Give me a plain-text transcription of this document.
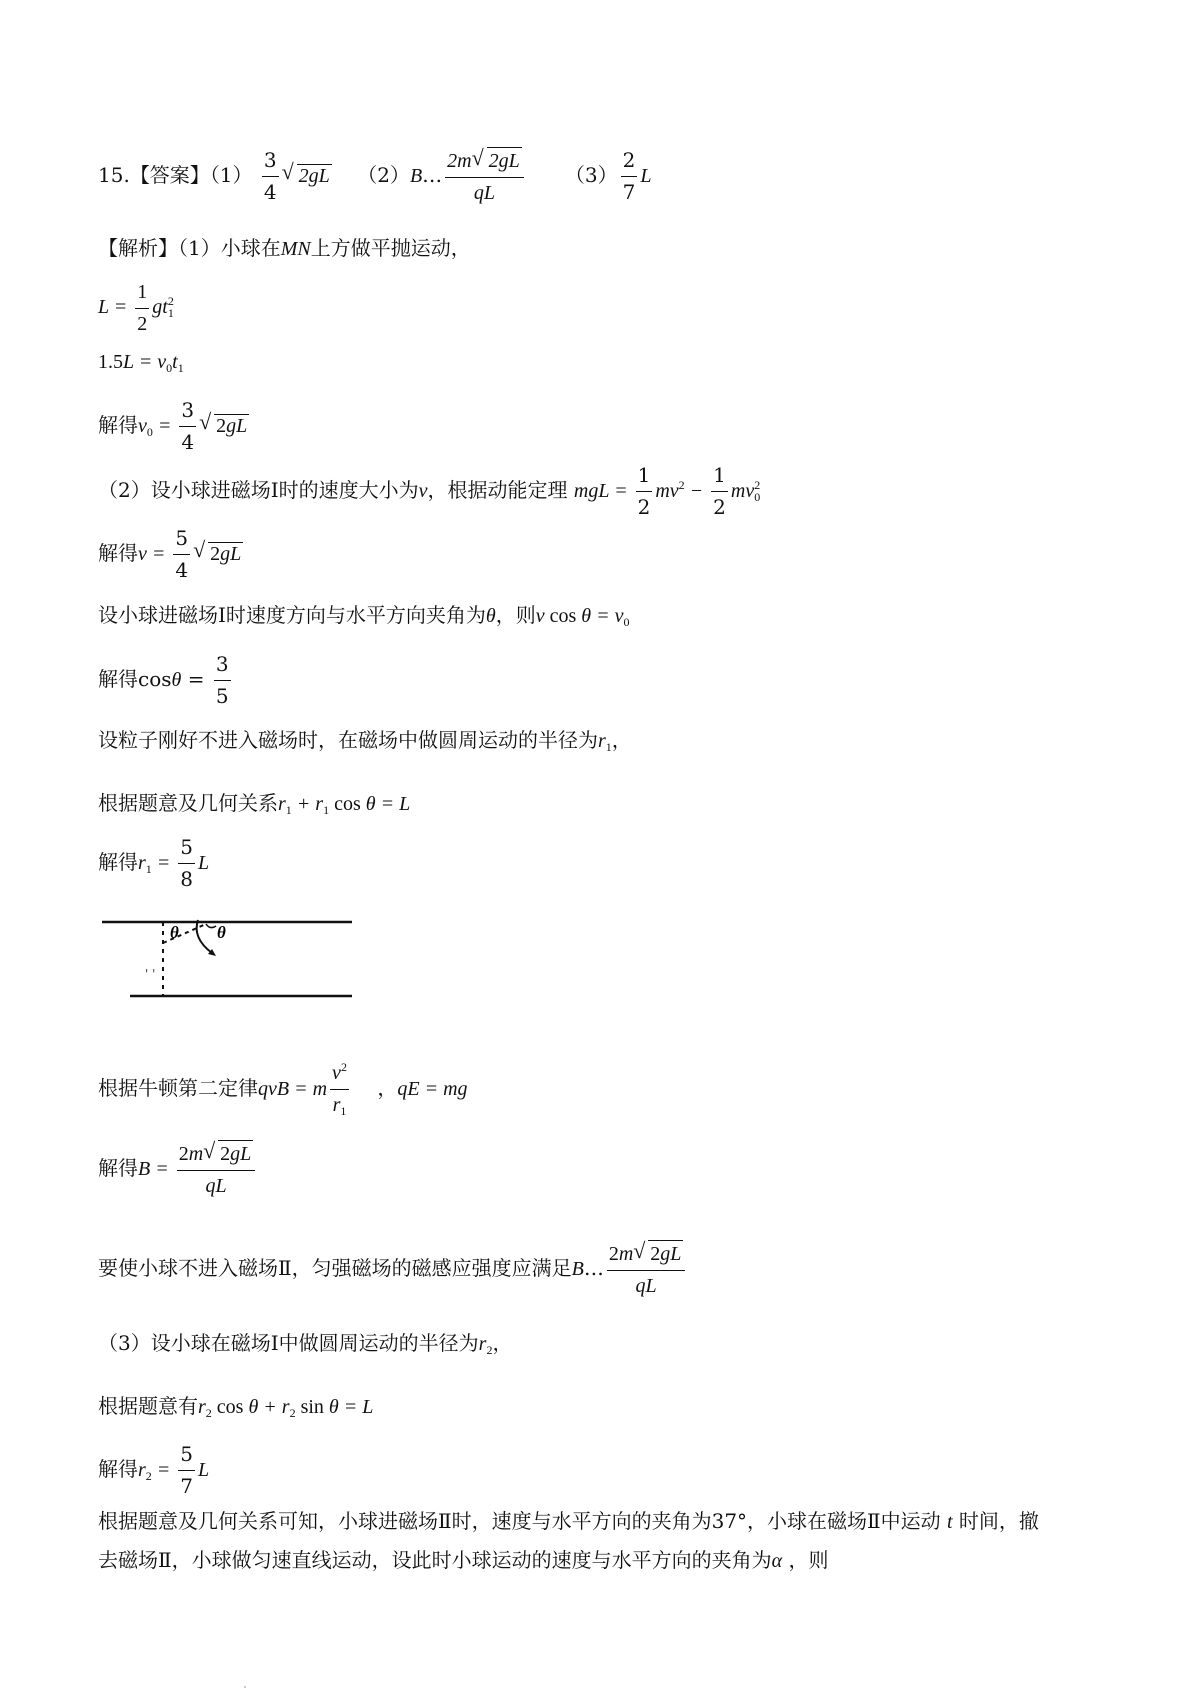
15.【答案】$(1) \frac{3}{4}$ √ 2gL （2）B… $\frac{2m √ 2gL}{qL} (3) \frac{2}{7}$ L
【解析】（1）小球在MN上方做平抛运动，
$L = \frac{1}{2} gt_1^2$
$1.5L = v_0t_1$
解得$v_0 = \frac{3}{4}$ √ 2gL
（2）设小球进磁场Ⅰ时的速度大小为v，根据动能定理 mgL = $\frac{1}{2} mv^2 - \frac{1}{2} mv_0^2$
解得$v = \frac{5}{4}$ √ 2gL
设小球进磁场Ⅰ时速度方向与水平方向夹角为θ，则v $\cos \theta = v_0$
解得$\cos\theta = \frac{3}{5}$
设粒子刚好不进入磁场时，在磁场中做圆周运动的半径为$r_1$，
根据题意及几何关系$r_1 + r_1$ cos θ = L
解得$r_1 = \frac{5}{8}$ L
θ θ
' '
根据牛顿第二定律qvB = m $\frac{v^2}{r_1}$ ，qE = mg
解得$B = \frac{2m √ 2gL}{qL}$
要使小球不进入磁场Ⅱ，匀强磁场的磁感应强度应满足B… $\frac{2m √ 2gL}{qL}$
（3）设小球在磁场Ⅰ中做圆周运动的半径为$r_2$，
根据题意有$r_2$ $\cos \theta + r_2$ sin θ = L
解得$r_2 = \frac{5}{7}$ L
根据题意及几何关系可知，小球进磁场Ⅱ时，速度与水平方向的夹角为37°，小球在磁场Ⅱ中运动 t 时间，撤
去磁场Ⅱ，小球做匀速直线运动，设此时小球运动的速度与水平方向的夹角为α ，则
